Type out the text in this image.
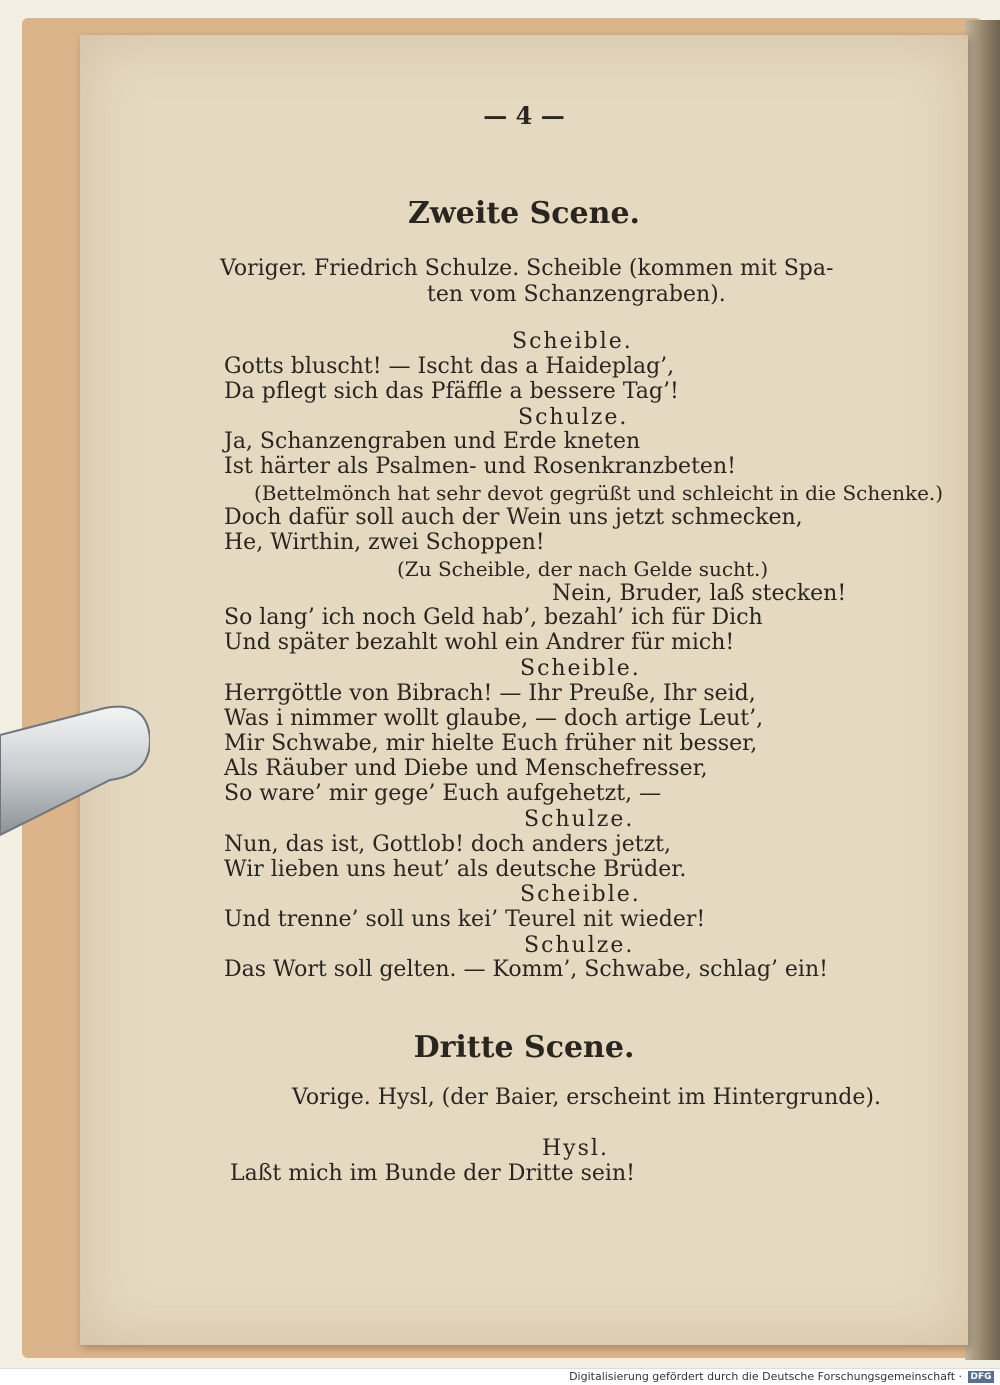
— 4 —
Zweite Scene.
Voriger. Friedrich Schulze. Scheible (kommen mit Spa-
ten vom Schanzengraben).
Scheible.
Gotts bluscht! — Ischt das a Haideplag’,
Da pflegt sich das Pfäffle a bessere Tag’!
Schulze.
Ja, Schanzengraben und Erde kneten
Ist härter als Psalmen- und Rosenkranzbeten!
(Bettelmönch hat sehr devot gegrüßt und schleicht in die Schenke.)
Doch dafür soll auch der Wein uns jetzt schmecken,
He, Wirthin, zwei Schoppen!
(Zu Scheible, der nach Gelde sucht.)
Nein, Bruder, laß stecken!
So lang’ ich noch Geld hab’, bezahl’ ich für Dich
Und später bezahlt wohl ein Andrer für mich!
Scheible.
Herrgöttle von Bibrach! — Ihr Preuße, Ihr seid,
Was i nimmer wollt glaube, — doch artige Leut’,
Mir Schwabe, mir hielte Euch früher nit besser,
Als Räuber und Diebe und Menschefresser,
So ware’ mir gege’ Euch aufgehetzt, —
Schulze.
Nun, das ist, Gottlob! doch anders jetzt,
Wir lieben uns heut’ als deutsche Brüder.
Scheible.
Und trenne’ soll uns kei’ Teurel nit wieder!
Schulze.
Das Wort soll gelten. — Komm’, Schwabe, schlag’ ein!
Dritte Scene.
Vorige. Hysl, (der Baier, erscheint im Hintergrunde).
Hysl.
Laßt mich im Bunde der Dritte sein!
Digitalisierung gefördert durch die Deutsche Forschungsgemeinschaft · DFG
